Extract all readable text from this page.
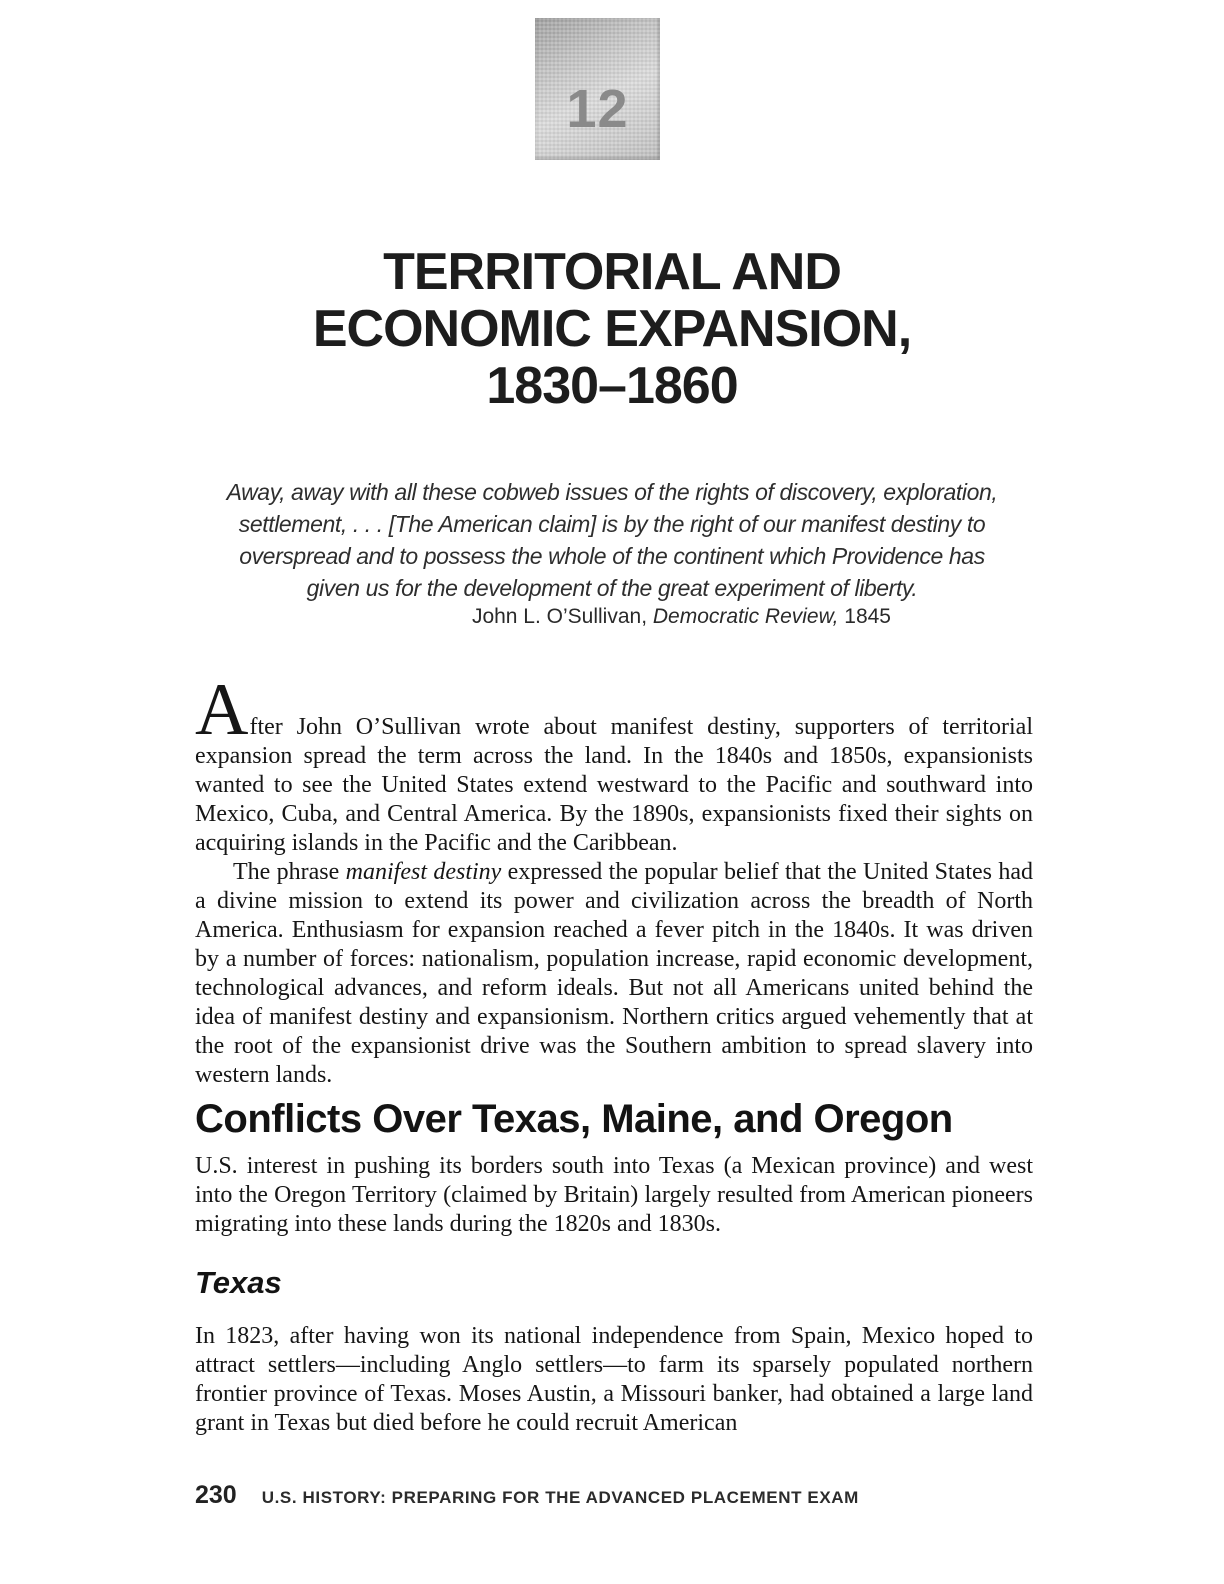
12
TERRITORIAL AND
ECONOMIC EXPANSION,
1830–1860
Away, away with all these cobweb issues of the rights of discovery, exploration,
settlement, . . . [The American claim] is by the right of our manifest destiny to
overspread and to possess the whole of the continent which Providence has
given us for the development of the great experiment of liberty.
John L. O’Sullivan, Democratic Review, 1845

After John O’Sullivan wrote about manifest destiny, supporters of territorial expansion spread the term across the land. In the 1840s and 1850s, expansionists wanted to see the United States extend westward to the Pacific and southward into Mexico, Cuba, and Central America. By the 1890s, expansionists fixed their sights on acquiring islands in the Pacific and the Caribbean.

The phrase manifest destiny expressed the popular belief that the United States had a divine mission to extend its power and civilization across the breadth of North America. Enthusiasm for expansion reached a fever pitch in the 1840s. It was driven by a number of forces: nationalism, population increase, rapid economic development, technological advances, and reform ideals. But not all Americans united behind the idea of manifest destiny and expansionism. Northern critics argued vehemently that at the root of the expansionist drive was the Southern ambition to spread slavery into western lands.

Conflicts Over Texas, Maine, and Oregon

U.S. interest in pushing its borders south into Texas (a Mexican province) and west into the Oregon Territory (claimed by Britain) largely resulted from American pioneers migrating into these lands during the 1820s and 1830s.

Texas

In 1823, after having won its national independence from Spain, Mexico hoped to attract settlers—including Anglo settlers—to farm its sparsely populated northern frontier province of Texas. Moses Austin, a Missouri banker, had obtained a large land grant in Texas but died before he could recruit American

230 U.S. HISTORY: PREPARING FOR THE ADVANCED PLACEMENT EXAM
